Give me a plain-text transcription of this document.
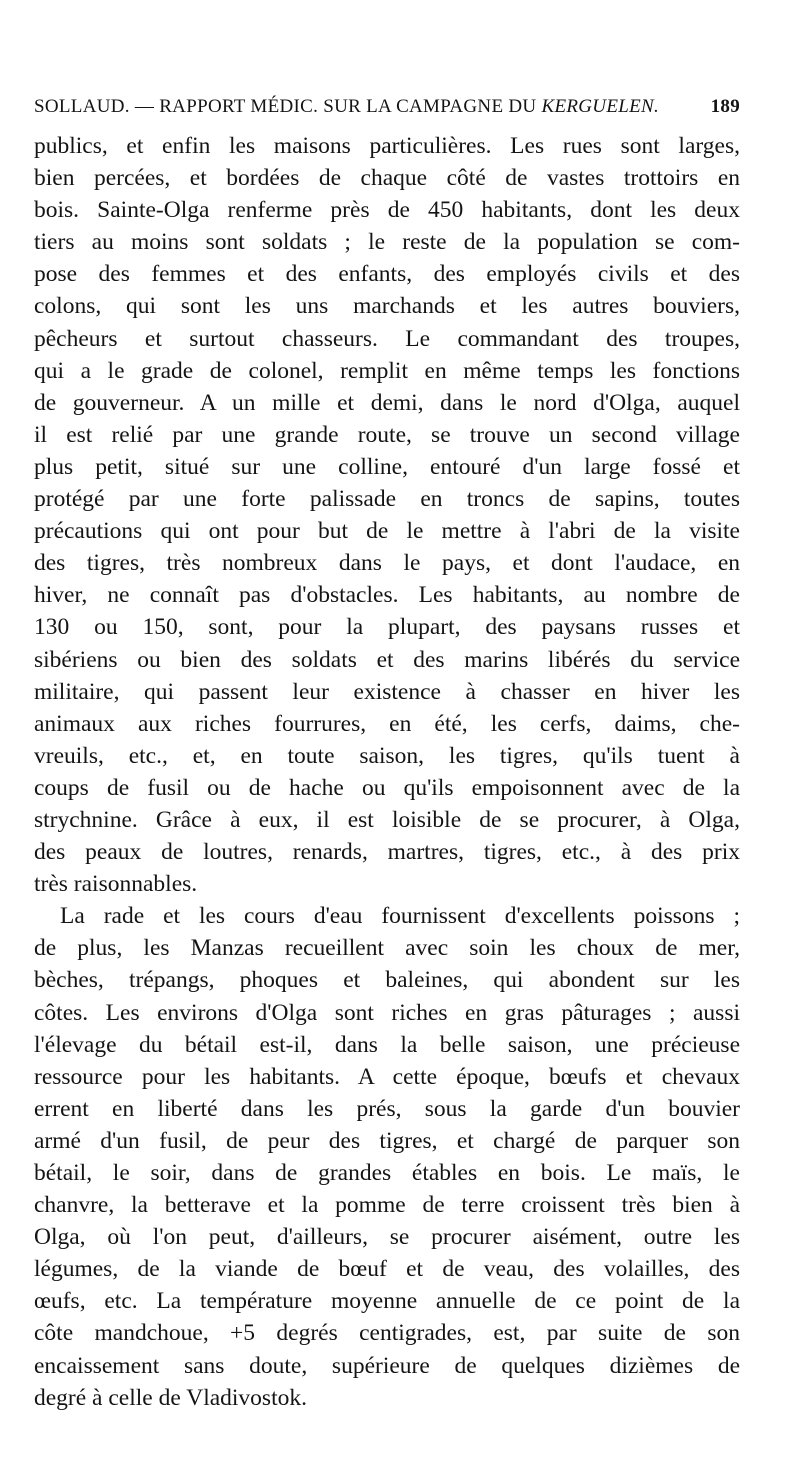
SOLLAUD. — RAPPORT MÉDIC. SUR LA CAMPAGNE DU KERGUELEN.	189
publics, et enfin les maisons particulières. Les rues sont larges,
bien percées, et bordées de chaque côté de vastes trottoirs en
bois. Sainte-Olga renferme près de 450 habitants, dont les deux
tiers au moins sont soldats ; le reste de la population se com-
pose des femmes et des enfants, des employés civils et des
colons, qui sont les uns marchands et les autres bouviers,
pêcheurs et surtout chasseurs. Le commandant des troupes,
qui a le grade de colonel, remplit en même temps les fonctions
de gouverneur. A un mille et demi, dans le nord d'Olga, auquel
il est relié par une grande route, se trouve un second village
plus petit, situé sur une colline, entouré d'un large fossé et
protégé par une forte palissade en troncs de sapins, toutes
précautions qui ont pour but de le mettre à l'abri de la visite
des tigres, très nombreux dans le pays, et dont l'audace, en
hiver, ne connaît pas d'obstacles. Les habitants, au nombre de
130 ou 150, sont, pour la plupart, des paysans russes et
sibériens ou bien des soldats et des marins libérés du service
militaire, qui passent leur existence à chasser en hiver les
animaux aux riches fourrures, en été, les cerfs, daims, che-
vreuils, etc., et, en toute saison, les tigres, qu'ils tuent à
coups de fusil ou de hache ou qu'ils empoisonnent avec de la
strychnine. Grâce à eux, il est loisible de se procurer, à Olga,
des peaux de loutres, renards, martres, tigres, etc., à des prix
très raisonnables.
La rade et les cours d'eau fournissent d'excellents poissons ;
de plus, les Manzas recueillent avec soin les choux de mer,
bèches, trépangs, phoques et baleines, qui abondent sur les
côtes. Les environs d'Olga sont riches en gras pâturages ; aussi
l'élevage du bétail est-il, dans la belle saison, une précieuse
ressource pour les habitants. A cette époque, bœufs et chevaux
errent en liberté dans les prés, sous la garde d'un bouvier
armé d'un fusil, de peur des tigres, et chargé de parquer son
bétail, le soir, dans de grandes étables en bois. Le maïs, le
chanvre, la betterave et la pomme de terre croissent très bien à
Olga, où l'on peut, d'ailleurs, se procurer aisément, outre les
légumes, de la viande de bœuf et de veau, des volailles, des
œufs, etc. La température moyenne annuelle de ce point de la
côte mandchoue, +5 degrés centigrades, est, par suite de son
encaissement sans doute, supérieure de quelques dizièmes de
degré à celle de Vladivostok.
